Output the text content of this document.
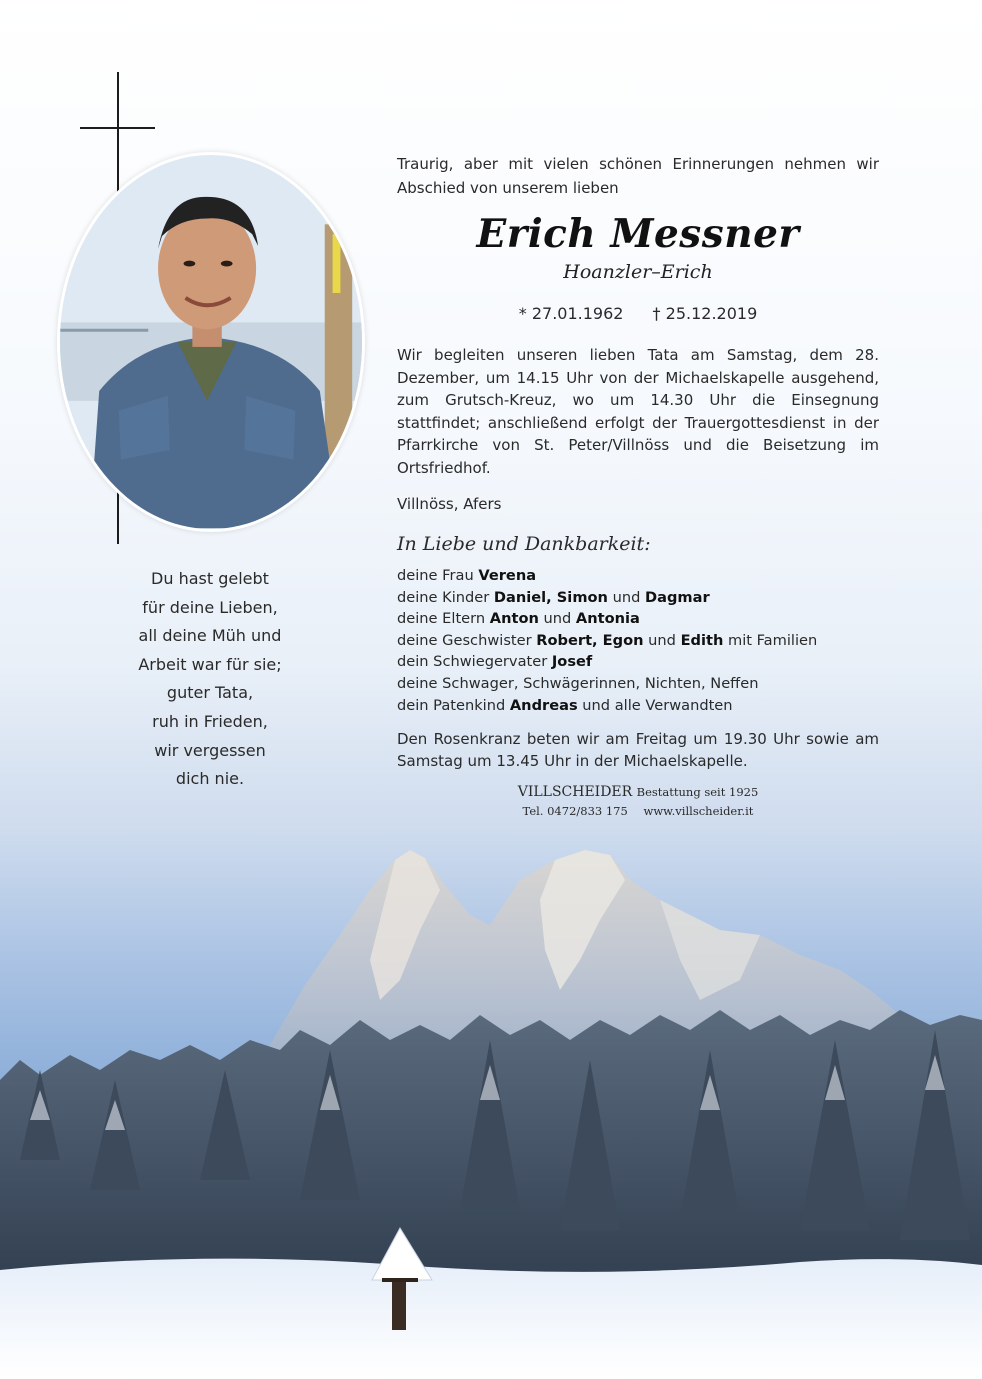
Du hast gelebt
für deine Lieben,
all deine Müh und
Arbeit war für sie;
guter Tata,
ruh in Frieden,
wir vergessen
dich nie.

Traurig, aber mit vielen schönen Erinnerungen nehmen wir Abschied von unserem lieben

Erich Messner

Hoanzler–Erich

* 27.01.1962 † 25.12.2019

Wir begleiten unseren lieben Tata am Samstag, dem 28. Dezember, um 14.15 Uhr von der Michaelskapelle ausgehend, zum Grutsch-Kreuz, wo um 14.30 Uhr die Einsegnung stattfindet; anschließend erfolgt der Trauergottesdienst in der Pfarrkirche von St. Peter/Villnöss und die Beisetzung im Ortsfriedhof.

Villnöss, Afers

In Liebe und Dankbarkeit:
deine Frau Verena
deine Kinder Daniel, Simon und Dagmar
deine Eltern Anton und Antonia
deine Geschwister Robert, Egon und Edith mit Familien
dein Schwiegervater Josef
deine Schwager, Schwägerinnen, Nichten, Neffen
dein Patenkind Andreas und alle Verwandten

Den Rosenkranz beten wir am Freitag um 19.30 Uhr sowie am Samstag um 13.45 Uhr in der Michaelskapelle.

VILLSCHEIDER Bestattung seit 1925
Tel. 0472/833 175 www.villscheider.it
